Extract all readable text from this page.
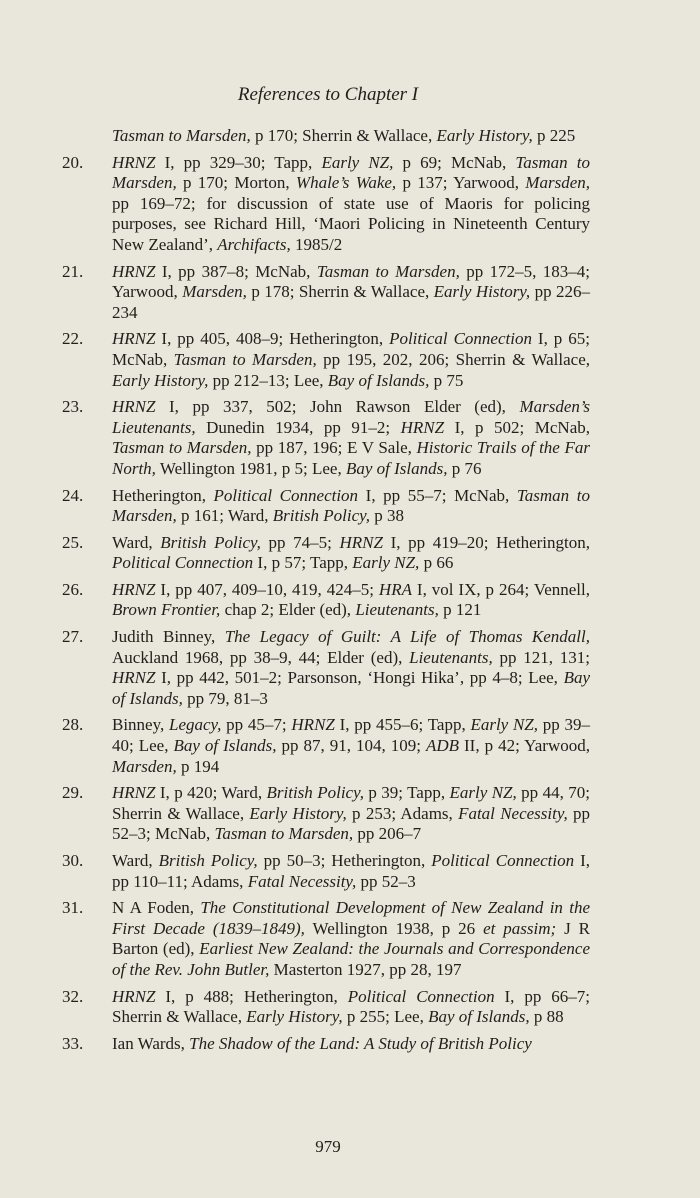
References to Chapter I
Tasman to Marsden, p 170; Sherrin & Wallace, Early History, p 225
20.	HRNZ I, pp 329–30; Tapp, Early NZ, p 69; McNab, Tasman to Marsden, p 170; Morton, Whale’s Wake, p 137; Yarwood, Marsden, pp 169–72; for discussion of state use of Maoris for policing purposes, see Richard Hill, ‘Maori Policing in Nineteenth Century New Zealand’, Archifacts, 1985/2
21.	HRNZ I, pp 387–8; McNab, Tasman to Marsden, pp 172–5, 183–4; Yarwood, Marsden, p 178; Sherrin & Wallace, Early History, pp 226–234
22.	HRNZ I, pp 405, 408–9; Hetherington, Political Connection I, p 65; McNab, Tasman to Marsden, pp 195, 202, 206; Sherrin & Wallace, Early History, pp 212–13; Lee, Bay of Islands, p 75
23.	HRNZ I, pp 337, 502; John Rawson Elder (ed), Marsden’s Lieutenants, Dunedin 1934, pp 91–2; HRNZ I, p 502; McNab, Tasman to Marsden, pp 187, 196; E V Sale, Historic Trails of the Far North, Wellington 1981, p 5; Lee, Bay of Islands, p 76
24.	Hetherington, Political Connection I, pp 55–7; McNab, Tasman to Marsden, p 161; Ward, British Policy, p 38
25.	Ward, British Policy, pp 74–5; HRNZ I, pp 419–20; Hetherington, Political Connection I, p 57; Tapp, Early NZ, p 66
26.	HRNZ I, pp 407, 409–10, 419, 424–5; HRA I, vol IX, p 264; Vennell, Brown Frontier, chap 2; Elder (ed), Lieutenants, p 121
27.	Judith Binney, The Legacy of Guilt: A Life of Thomas Kendall, Auckland 1968, pp 38–9, 44; Elder (ed), Lieutenants, pp 121, 131; HRNZ I, pp 442, 501–2; Parsonson, ‘Hongi Hika’, pp 4–8; Lee, Bay of Islands, pp 79, 81–3
28.	Binney, Legacy, pp 45–7; HRNZ I, pp 455–6; Tapp, Early NZ, pp 39–40; Lee, Bay of Islands, pp 87, 91, 104, 109; ADB II, p 42; Yarwood, Marsden, p 194
29.	HRNZ I, p 420; Ward, British Policy, p 39; Tapp, Early NZ, pp 44, 70; Sherrin & Wallace, Early History, p 253; Adams, Fatal Necessity, pp 52–3; McNab, Tasman to Marsden, pp 206–7
30.	Ward, British Policy, pp 50–3; Hetherington, Political Connection I, pp 110–11; Adams, Fatal Necessity, pp 52–3
31.	N A Foden, The Constitutional Development of New Zealand in the First Decade (1839–1849), Wellington 1938, p 26 et passim; J R Barton (ed), Earliest New Zealand: the Journals and Correspondence of the Rev. John Butler, Masterton 1927, pp 28, 197
32.	HRNZ I, p 488; Hetherington, Political Connection I, pp 66–7; Sherrin & Wallace, Early History, p 255; Lee, Bay of Islands, p 88
33.	Ian Wards, The Shadow of the Land: A Study of British Policy
979
